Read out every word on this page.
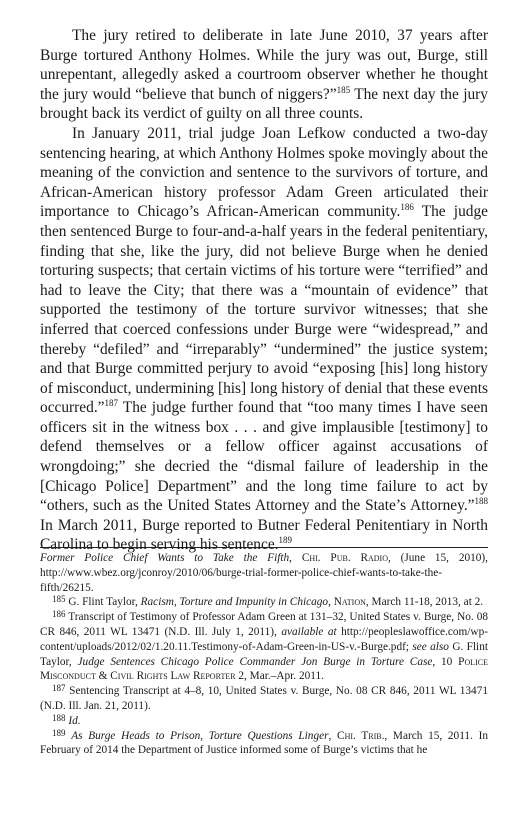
The jury retired to deliberate in late June 2010, 37 years after Burge tortured Anthony Holmes. While the jury was out, Burge, still unrepentant, allegedly asked a courtroom observer whether he thought the jury would “believe that bunch of niggers?”$^{185}$ The next day the jury brought back its verdict of guilty on all three counts.

In January 2011, trial judge Joan Lefkow conducted a two-day sentencing hearing, at which Anthony Holmes spoke movingly about the meaning of the conviction and sentence to the survivors of torture, and African-American history professor Adam Green articulated their importance to Chicago’s African-American community.$^{186}$ The judge then sentenced Burge to four-and-a-half years in the federal penitentiary, finding that she, like the jury, did not believe Burge when he denied torturing suspects; that certain victims of his torture were “terrified” and had to leave the City; that there was a “mountain of evidence” that supported the testimony of the torture survivor witnesses; that she inferred that coerced confessions under Burge were “widespread,” and thereby “defiled” and “irreparably” “undermined” the justice system; and that Burge committed perjury to avoid “exposing [his] long history of misconduct, undermining [his] long history of denial that these events occurred.”$^{187}$ The judge further found that “too many times I have seen officers sit in the witness box . . . and give implausible [testimony] to defend themselves or a fellow officer against accusations of wrongdoing;” she decried the “dismal failure of leadership in the [Chicago Police] Department” and the long time failure to act by “others, such as the United States Attorney and the State’s Attorney.”$^{188}$ In March 2011, Burge reported to Butner Federal Penitentiary in North Carolina to begin serving his sentence.$^{189}$

Former Police Chief Wants to Take the Fifth, Chi. Pub. Radio, (June 15, 2010), http://www.wbez.org/jconroy/2010/06/burge-trial-former-police-chief-wants-to-take-the-fifth/26215.

$^{185}$ G. Flint Taylor, Racism, Torture and Impunity in Chicago, Nation, March 11-18, 2013, at 2.

$^{186}$ Transcript of Testimony of Professor Adam Green at 131–32, United States v. Burge, No. 08 CR 846, 2011 WL 13471 (N.D. Ill. July 1, 2011), available at http://peopleslawoffice.com/wp-content/uploads/2012/02/1.20.11.Testimony-of-Adam-Green-in-US-v.-Burge.pdf; see also G. Flint Taylor, Judge Sentences Chicago Police Commander Jon Burge in Torture Case, 10 Police Misconduct & Civil Rights Law Reporter 2, Mar.–Apr. 2011.

$^{187}$ Sentencing Transcript at 4–8, 10, United States v. Burge, No. 08 CR 846, 2011 WL 13471 (N.D. Ill. Jan. 21, 2011).

$^{188}$ Id.

$^{189}$ As Burge Heads to Prison, Torture Questions Linger, Chi. Trib., March 15, 2011. In February of 2014 the Department of Justice informed some of Burge’s victims that he
